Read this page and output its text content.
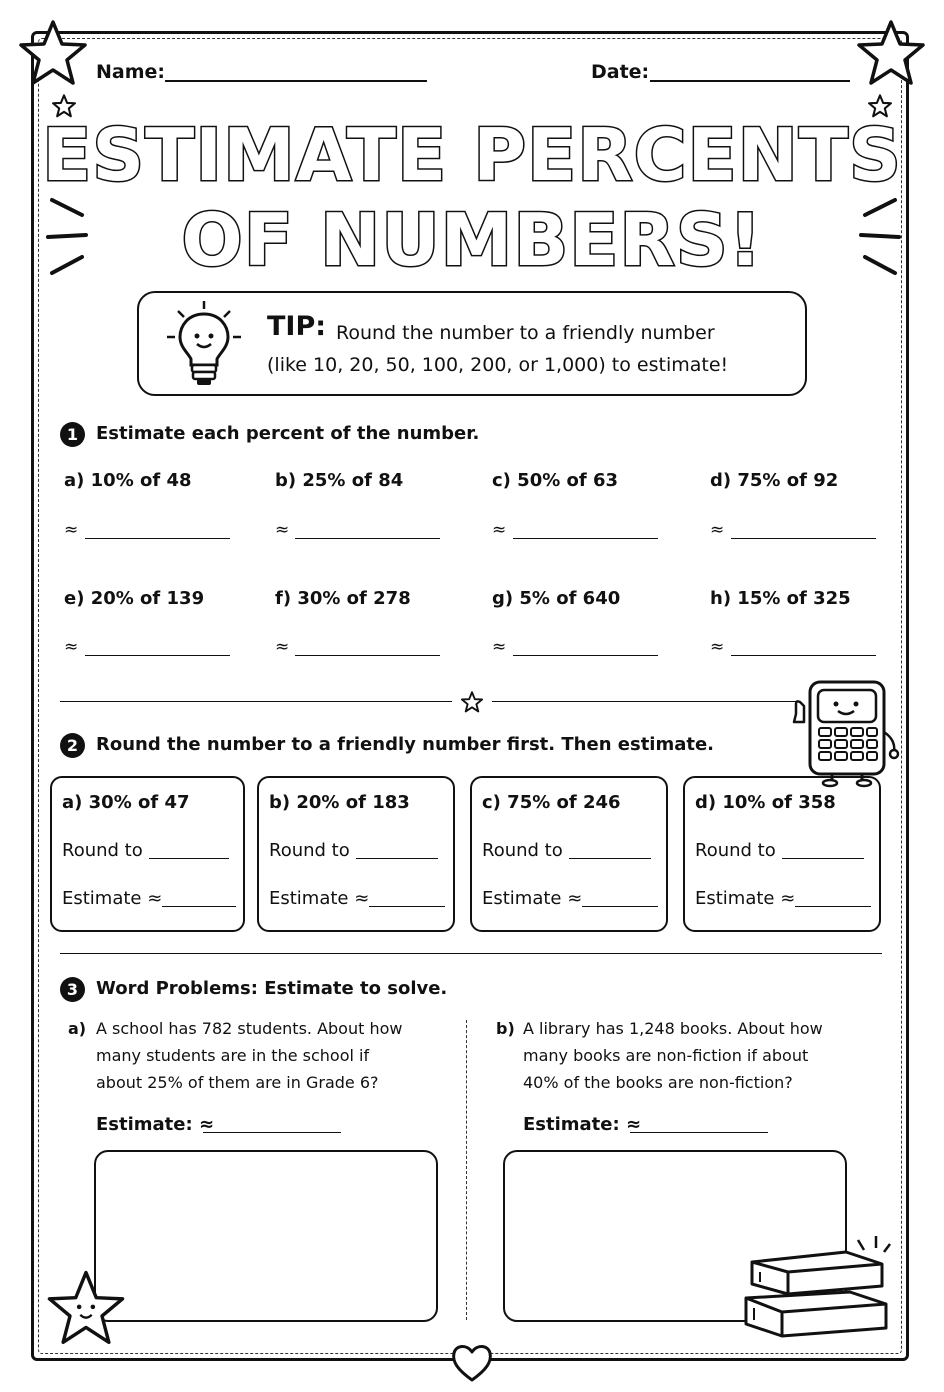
Name:	Date:
ESTIMATE PERCENTS
OF NUMBERS!
TIP: Round the number to a friendly number
(like 10, 20, 50, 100, 200, or 1,000) to estimate!
1 Estimate each percent of the number.
a) 10% of 48	b) 25% of 84	c) 50% of 63	d) 75% of 92
≈	≈	≈	≈
e) 20% of 139	f) 30% of 278	g) 5% of 640	h) 15% of 325
≈	≈	≈	≈
2 Round the number to a friendly number first. Then estimate.
a) 30% of 47
Round to
Estimate ≈
b) 20% of 183
Round to
Estimate ≈
c) 75% of 246
Round to
Estimate ≈
d) 10% of 358
Round to
Estimate ≈
3 Word Problems: Estimate to solve.
a) A school has 782 students. About how
many students are in the school if
about 25% of them are in Grade 6?
Estimate: ≈
b) A library has 1,248 books. About how
many books are non-fiction if about
40% of the books are non-fiction?
Estimate: ≈
